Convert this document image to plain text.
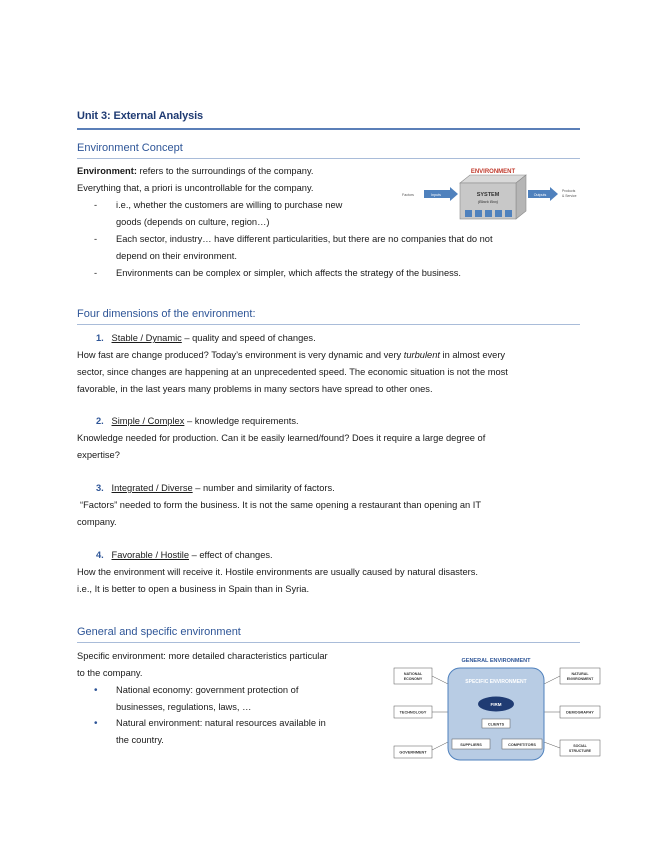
Unit 3: External Analysis
Environment Concept
Environment: refers to the surroundings of the company.
Everything that, a priori is uncontrollable for the company.
- i.e., whether the customers are willing to purchase new
goods (depends on culture, region…)
- Each sector, industry… have different particularities, but there are no companies that do not
depend on their environment.
- Environments can be complex or simpler, which affects the strategy of the business.
ENVIRONMENT
Factors	Inputs	SYSTEM
(Black Box)
Outputs
Products
& Service
Four dimensions of the environment:
1. Stable / Dynamic – quality and speed of changes.
How fast are change produced? Today’s environment is very dynamic and very turbulent in almost every
sector, since changes are happening at an unprecedented speed. The economic situation is not the most
favorable, in the last years many problems in many sectors have spread to other ones.
2. Simple / Complex – knowledge requirements.
Knowledge needed for production. Can it be easily learned/found? Does it require a large degree of
expertise?
3. Integrated / Diverse – number and similarity of factors.
“Factors” needed to form the business. It is not the same opening a restaurant than opening an IT
company.
4. Favorable / Hostile – effect of changes.
How the environment will receive it. Hostile environments are usually caused by natural disasters.
i.e., It is better to open a business in Spain than in Syria.
General and specific environment
Specific environment: more detailed characteristics particular
to the company.
• National economy: government protection of
businesses, regulations, laws, …
• Natural environment: natural resources available in
the country.
GENERAL ENVIRONMENT
SPECIFIC ENVIRONMENT
FIRM
CLIENTS
SUPPLIERS	COMPETITORS
NATIONAL
ECONOMY
NATURAL
ENVIRONMENT
TECHNOLOGY	DEMOGRAPHY
GOVERNMENT
SOCIAL
STRUCTURE
